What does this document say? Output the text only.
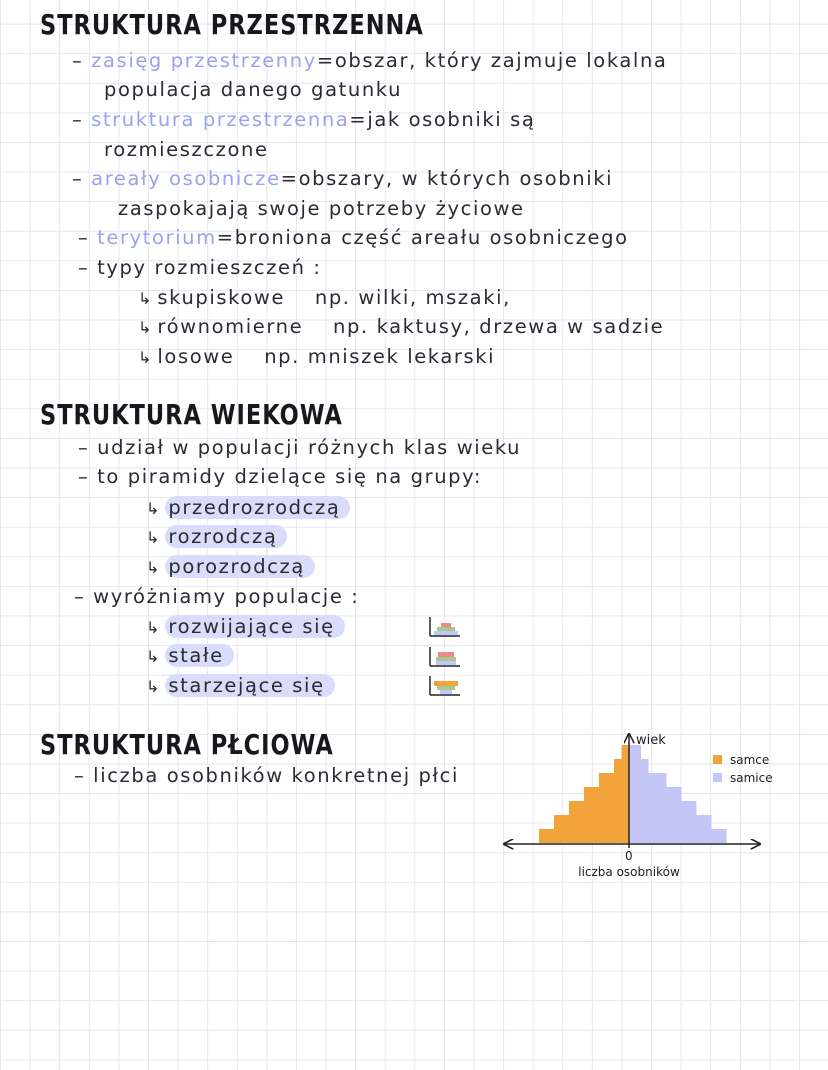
STRUKTURA PRZESTRZENNA
– zasięg przestrzenny=obszar, który zajmuje lokalna
populacja danego gatunku
– struktura przestrzenna=jak osobniki są
rozmieszczone
– areały osobnicze=obszary, w których osobniki
zaspokajają swoje potrzeby życiowe
– terytorium=broniona część areału osobniczego
– typy rozmieszczeń :
↳ skupiskowe np. wilki, mszaki,
↳ równomierne np. kaktusy, drzewa w sadzie
↳ losowe np. mniszek lekarski
STRUKTURA WIEKOWA
– udział w populacji różnych klas wieku
– to piramidy dzielące się na grupy:
↳ przedrozrodczą
↳ rozrodczą
↳ porozrodczą
– wyróżniamy populacje :
↳ rozwijające się
↳ stałe
↳ starzejące się
STRUKTURA PŁCIOWA
– liczba osobników konkretnej płci
wiek
0
liczba osobników
samce
samice
